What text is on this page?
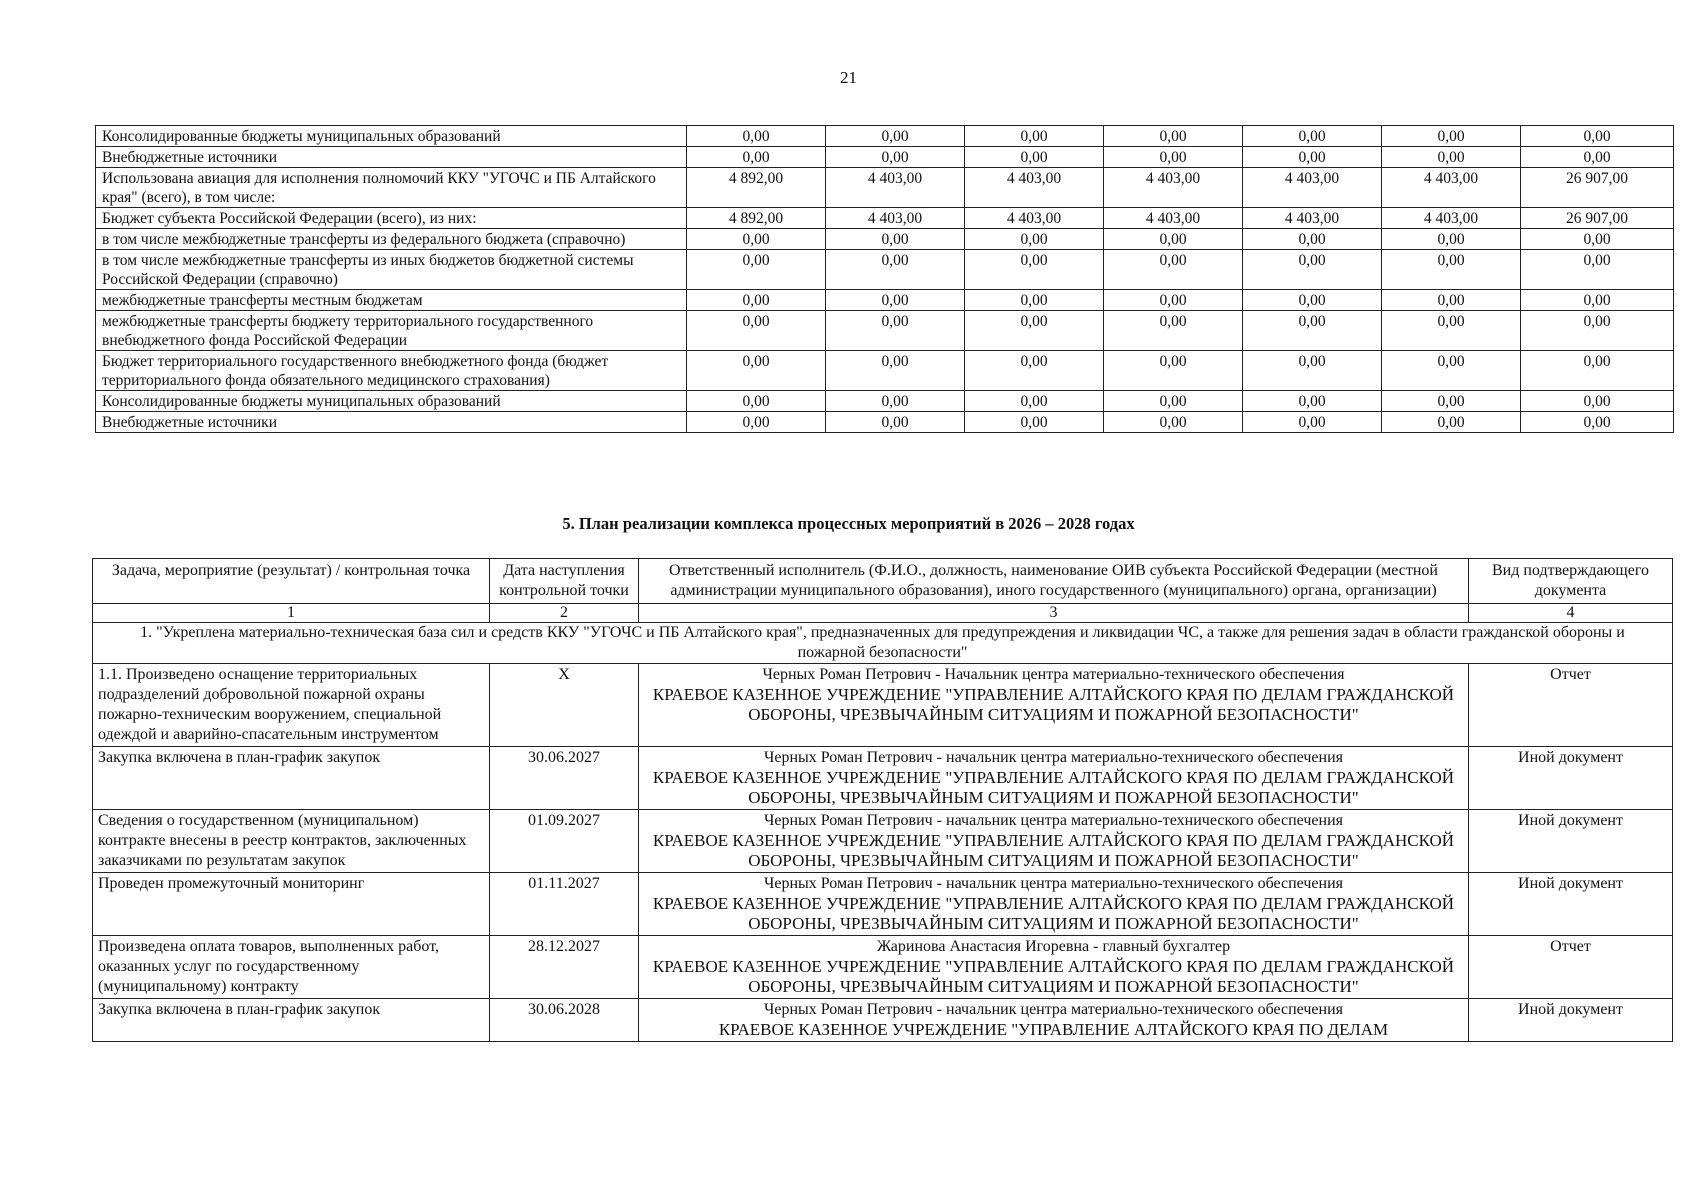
21
Консолидированные бюджеты муниципальных образований	0,00	0,00	0,00	0,00	0,00	0,00	0,00
Внебюджетные источники	0,00	0,00	0,00	0,00	0,00	0,00	0,00
Использована авиация для исполнения полномочий ККУ "УГОЧС и ПБ Алтайского края" (всего), в том числе:	4 892,00	4 403,00	4 403,00	4 403,00	4 403,00	4 403,00	26 907,00
Бюджет субъекта Российской Федерации (всего), из них:	4 892,00	4 403,00	4 403,00	4 403,00	4 403,00	4 403,00	26 907,00
в том числе межбюджетные трансферты из федерального бюджета (справочно)	0,00	0,00	0,00	0,00	0,00	0,00	0,00
в том числе межбюджетные трансферты из иных бюджетов бюджетной системы Российской Федерации (справочно)	0,00	0,00	0,00	0,00	0,00	0,00	0,00
межбюджетные трансферты местным бюджетам	0,00	0,00	0,00	0,00	0,00	0,00	0,00
межбюджетные трансферты бюджету территориального государственного внебюджетного фонда Российской Федерации	0,00	0,00	0,00	0,00	0,00	0,00	0,00
Бюджет территориального государственного внебюджетного фонда (бюджет территориального фонда обязательного медицинского страхования)	0,00	0,00	0,00	0,00	0,00	0,00	0,00
Консолидированные бюджеты муниципальных образований	0,00	0,00	0,00	0,00	0,00	0,00	0,00
Внебюджетные источники	0,00	0,00	0,00	0,00	0,00	0,00	0,00
5. План реализации комплекса процессных мероприятий в 2026 – 2028 годах
Задача, мероприятие (результат) / контрольная точка	Дата наступления контрольной точки	Ответственный исполнитель (Ф.И.О., должность, наименование ОИВ субъекта Российской Федерации (местной администрации муниципального образования), иного государственного (муниципального) органа, организации)	Вид подтверждающего документа
1	2	3	4
1. "Укреплена материально-техническая база сил и средств ККУ "УГОЧС и ПБ Алтайского края", предназначенных для предупреждения и ликвидации ЧС, а также для решения задач в области гражданской обороны и пожарной безопасности"			
1.1. Произведено оснащение территориальных подразделений добровольной пожарной охраны пожарно-техническим вооружением, специальной одеждой и аварийно-спасательным инструментом	X	Черных Роман Петрович - Начальник центра материально-технического обеспечения
КРАЕВОЕ КАЗЕННОЕ УЧРЕЖДЕНИЕ "УПРАВЛЕНИЕ АЛТАЙСКОГО КРАЯ ПО ДЕЛАМ ГРАЖДАНСКОЙ ОБОРОНЫ, ЧРЕЗВЫЧАЙНЫМ СИТУАЦИЯМ И ПОЖАРНОЙ БЕЗОПАСНОСТИ"	Отчет
Закупка включена в план-график закупок	30.06.2027	Черных Роман Петрович - начальник центра материально-технического обеспечения
КРАЕВОЕ КАЗЕННОЕ УЧРЕЖДЕНИЕ "УПРАВЛЕНИЕ АЛТАЙСКОГО КРАЯ ПО ДЕЛАМ ГРАЖДАНСКОЙ ОБОРОНЫ, ЧРЕЗВЫЧАЙНЫМ СИТУАЦИЯМ И ПОЖАРНОЙ БЕЗОПАСНОСТИ"	Иной документ
Сведения о государственном (муниципальном) контракте внесены в реестр контрактов, заключенных заказчиками по результатам закупок	01.09.2027	Черных Роман Петрович - начальник центра материально-технического обеспечения
КРАЕВОЕ КАЗЕННОЕ УЧРЕЖДЕНИЕ "УПРАВЛЕНИЕ АЛТАЙСКОГО КРАЯ ПО ДЕЛАМ ГРАЖДАНСКОЙ ОБОРОНЫ, ЧРЕЗВЫЧАЙНЫМ СИТУАЦИЯМ И ПОЖАРНОЙ БЕЗОПАСНОСТИ"	Иной документ
Проведен промежуточный мониторинг	01.11.2027	Черных Роман Петрович - начальник центра материально-технического обеспечения
КРАЕВОЕ КАЗЕННОЕ УЧРЕЖДЕНИЕ "УПРАВЛЕНИЕ АЛТАЙСКОГО КРАЯ ПО ДЕЛАМ ГРАЖДАНСКОЙ ОБОРОНЫ, ЧРЕЗВЫЧАЙНЫМ СИТУАЦИЯМ И ПОЖАРНОЙ БЕЗОПАСНОСТИ"	Иной документ
Произведена оплата товаров, выполненных работ, оказанных услуг по государственному (муниципальному) контракту	28.12.2027	Жаринова Анастасия Игоревна - главный бухгалтер
КРАЕВОЕ КАЗЕННОЕ УЧРЕЖДЕНИЕ "УПРАВЛЕНИЕ АЛТАЙСКОГО КРАЯ ПО ДЕЛАМ ГРАЖДАНСКОЙ ОБОРОНЫ, ЧРЕЗВЫЧАЙНЫМ СИТУАЦИЯМ И ПОЖАРНОЙ БЕЗОПАСНОСТИ"	Отчет
Закупка включена в план-график закупок	30.06.2028	Черных Роман Петрович - начальник центра материально-технического обеспечения
КРАЕВОЕ КАЗЕННОЕ УЧРЕЖДЕНИЕ "УПРАВЛЕНИЕ АЛТАЙСКОГО КРАЯ ПО ДЕЛАМ	Иной документ
